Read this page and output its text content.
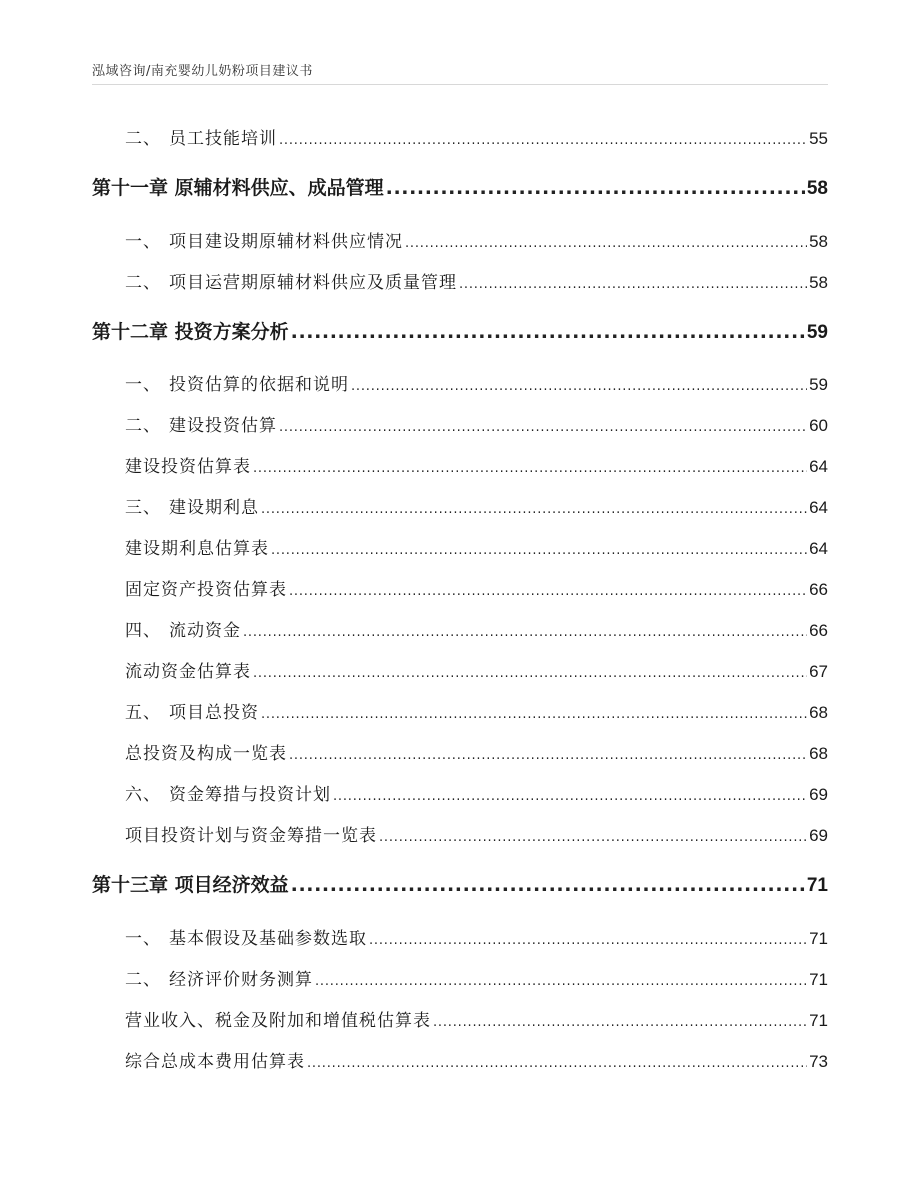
泓域咨询/南充婴幼儿奶粉项目建议书
二、 员工技能培训 .....	55
第十一章 原辅材料供应、成品管理 .....	58
一、 项目建设期原辅材料供应情况 .....	58
二、 项目运营期原辅材料供应及质量管理 .....	58
第十二章 投资方案分析 .....	59
一、 投资估算的依据和说明 .....	59
二、 建设投资估算 .....	60
建设投资估算表 .....	64
三、 建设期利息 .....	64
建设期利息估算表 .....	64
固定资产投资估算表 .....	66
四、 流动资金 .....	66
流动资金估算表 .....	67
五、 项目总投资 .....	68
总投资及构成一览表 .....	68
六、 资金筹措与投资计划 .....	69
项目投资计划与资金筹措一览表 .....	69
第十三章 项目经济效益 .....	71
一、 基本假设及基础参数选取 .....	71
二、 经济评价财务测算 .....	71
营业收入、税金及附加和增值税估算表 .....	71
综合总成本费用估算表 .....	73
